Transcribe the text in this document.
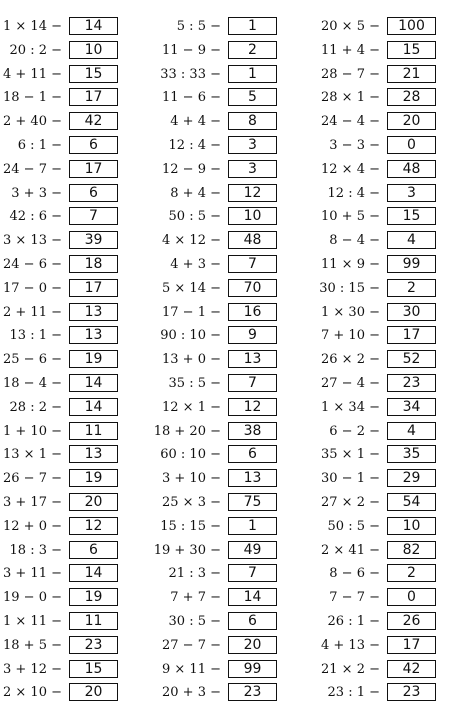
1 × 14 −	14
20 : 2 −	10
4 + 11 −	15
18 − 1 −	17
2 + 40 −	42
6 : 1 −	6
24 − 7 −	17
3 + 3 −	6
42 : 6 −	7
3 × 13 −	39
24 − 6 −	18
17 − 0 −	17
2 + 11 −	13
13 : 1 −	13
25 − 6 −	19
18 − 4 −	14
28 : 2 −	14
1 + 10 −	11
13 × 1 −	13
26 − 7 −	19
3 + 17 −	20
12 + 0 −	12
18 : 3 −	6
3 + 11 −	14
19 − 0 −	19
1 × 11 −	11
18 + 5 −	23
3 + 12 −	15
2 × 10 −	20
5 : 5 −	1
11 − 9 −	2
33 : 33 −	1
11 − 6 −	5
4 + 4 −	8
12 : 4 −	3
12 − 9 −	3
8 + 4 −	12
50 : 5 −	10
4 × 12 −	48
4 + 3 −	7
5 × 14 −	70
17 − 1 −	16
90 : 10 −	9
13 + 0 −	13
35 : 5 −	7
12 × 1 −	12
18 + 20 −	38
60 : 10 −	6
3 + 10 −	13
25 × 3 −	75
15 : 15 −	1
19 + 30 −	49
21 : 3 −	7
7 + 7 −	14
30 : 5 −	6
27 − 7 −	20
9 × 11 −	99
20 + 3 −	23
20 × 5 −	100
11 + 4 −	15
28 − 7 −	21
28 × 1 −	28
24 − 4 −	20
3 − 3 −	0
12 × 4 −	48
12 : 4 −	3
10 + 5 −	15
8 − 4 −	4
11 × 9 −	99
30 : 15 −	2
1 × 30 −	30
7 + 10 −	17
26 × 2 −	52
27 − 4 −	23
1 × 34 −	34
6 − 2 −	4
35 × 1 −	35
30 − 1 −	29
27 × 2 −	54
50 : 5 −	10
2 × 41 −	82
8 − 6 −	2
7 − 7 −	0
26 : 1 −	26
4 + 13 −	17
21 × 2 −	42
23 : 1 −	23
